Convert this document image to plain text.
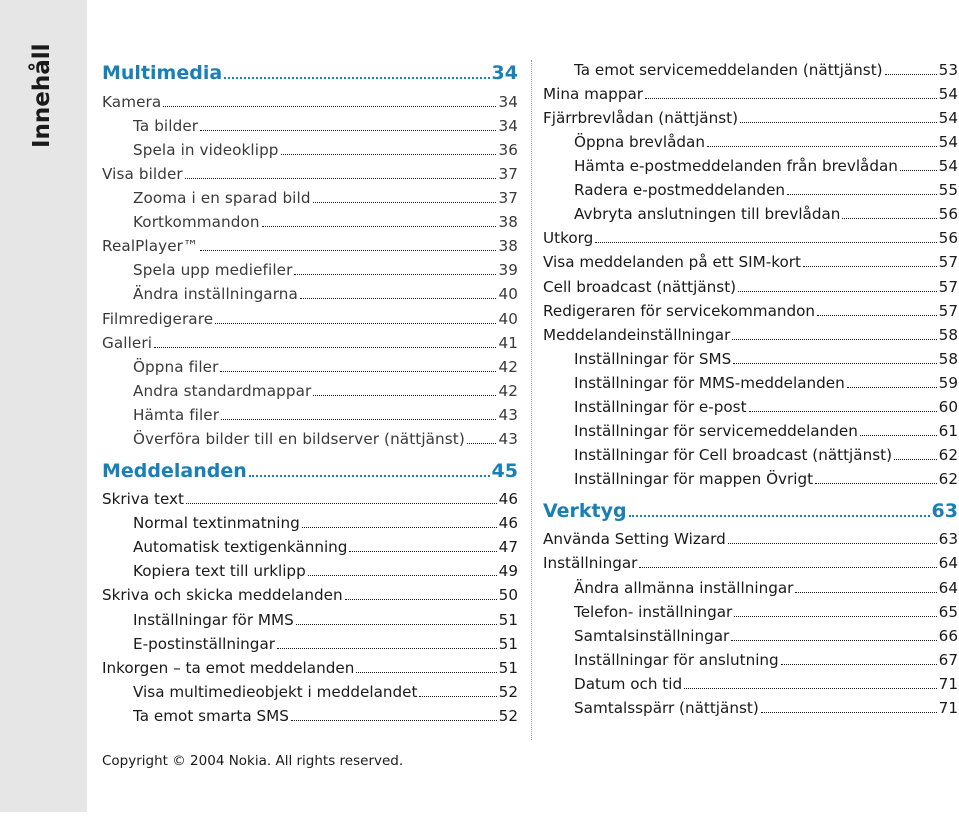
Innehåll Multimedia	34
Kamera	34
Ta bilder	34
Spela in videoklipp	36
Visa bilder	37
Zooma i en sparad bild	37
Kortkommandon	38
RealPlayer™	38
Spela upp mediefiler	39
Ändra inställningarna	40
Filmredigerare	40
Galleri	41
Öppna filer	42
Andra standardmappar	42
Hämta filer	43
Överföra bilder till en bildserver (nättjänst) 43
Meddelanden	45
Skriva text	46
Normal textinmatning	46
Automatisk textigenkänning	47
Kopiera text till urklipp	49
Skriva och skicka meddelanden	50
Inställningar för MMS	51
E-postinställningar	51
Inkorgen – ta emot meddelanden	51
Visa multimedieobjekt i meddelandet	52
Ta emot smarta SMS	52
Ta emot servicemeddelanden (nättjänst)	53
Mina mappar	54
Fjärrbrevlådan (nättjänst)	54
Öppna brevlådan	54
Hämta e-postmeddelanden från brevlådan	54
Radera e-postmeddelanden	55
Avbryta anslutningen till brevlådan	56
Utkorg	56
Visa meddelanden på ett SIM-kort	57
Cell broadcast (nättjänst)	57
Redigeraren för servicekommandon	57
Meddelandeinställningar	58
Inställningar för SMS	58
Inställningar för MMS-meddelanden	59
Inställningar för e-post	60
Inställningar för servicemeddelanden	61
Inställningar för Cell broadcast (nättjänst)	62
Inställningar för mappen Övrigt	62
Verktyg	63
Använda Setting Wizard	63
Inställningar	64
Ändra allmänna inställningar	64
Telefon- inställningar	65
Samtalsinställningar	66
Inställningar för anslutning	67
Datum och tid	71
Samtalsspärr (nättjänst)	71
Copyright © 2004 Nokia. All rights reserved.
